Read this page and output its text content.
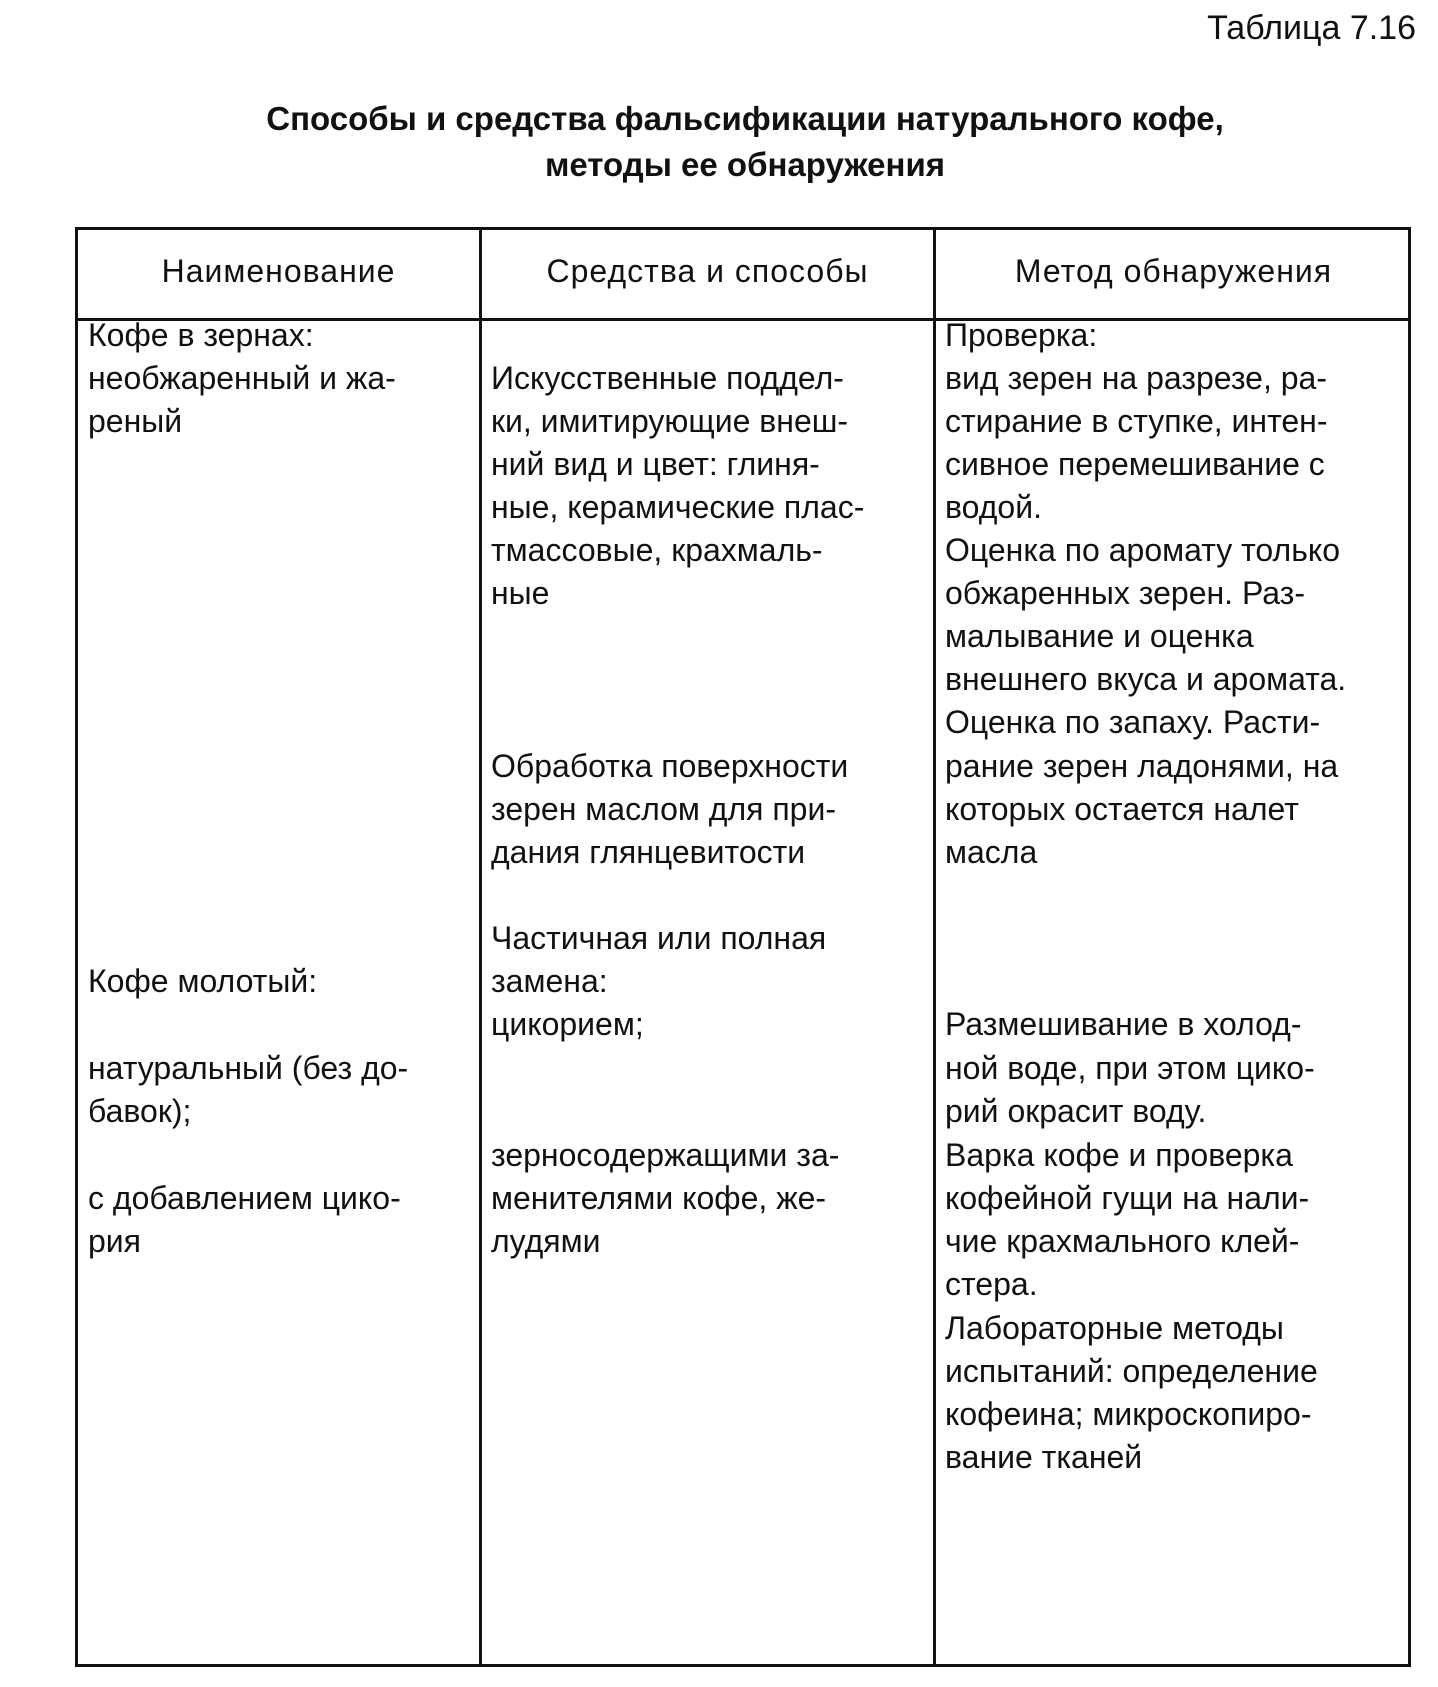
Таблица 7.16
Способы и средства фальсификации натурального кофе,
методы ее обнаружения
Наименование	Средства и способы	Метод обнаружения
Кофе в зернах:
необжаренный и жа-
реный
Кофе молотый:
натуральный (без до-
бавок);
с добавлением цико-
рия
Искусственные поддел-
ки, имитирующие внеш-
ний вид и цвет: глиня-
ные, керамические плас-
тмассовые, крахмаль-
ные
Обработка поверхности
зерен маслом для при-
дания глянцевитости
Частичная или полная
замена:
цикорием;
зерносодержащими за-
менителями кофе, же-
лудями
Проверка:
вид зерен на разрезе, ра-
стирание в ступке, интен-
сивное перемешивание с
водой.
Оценка по аромату только
обжаренных зерен. Раз-
малывание и оценка
внешнего вкуса и аромата.
Оценка по запаху. Расти-
рание зерен ладонями, на
которых остается налет
масла
Размешивание в холод-
ной воде, при этом цико-
рий окрасит воду.
Варка кофе и проверка
кофейной гущи на нали-
чие крахмального клей-
стера.
Лабораторные методы
испытаний: определение
кофеина; микроскопиро-
вание тканей
